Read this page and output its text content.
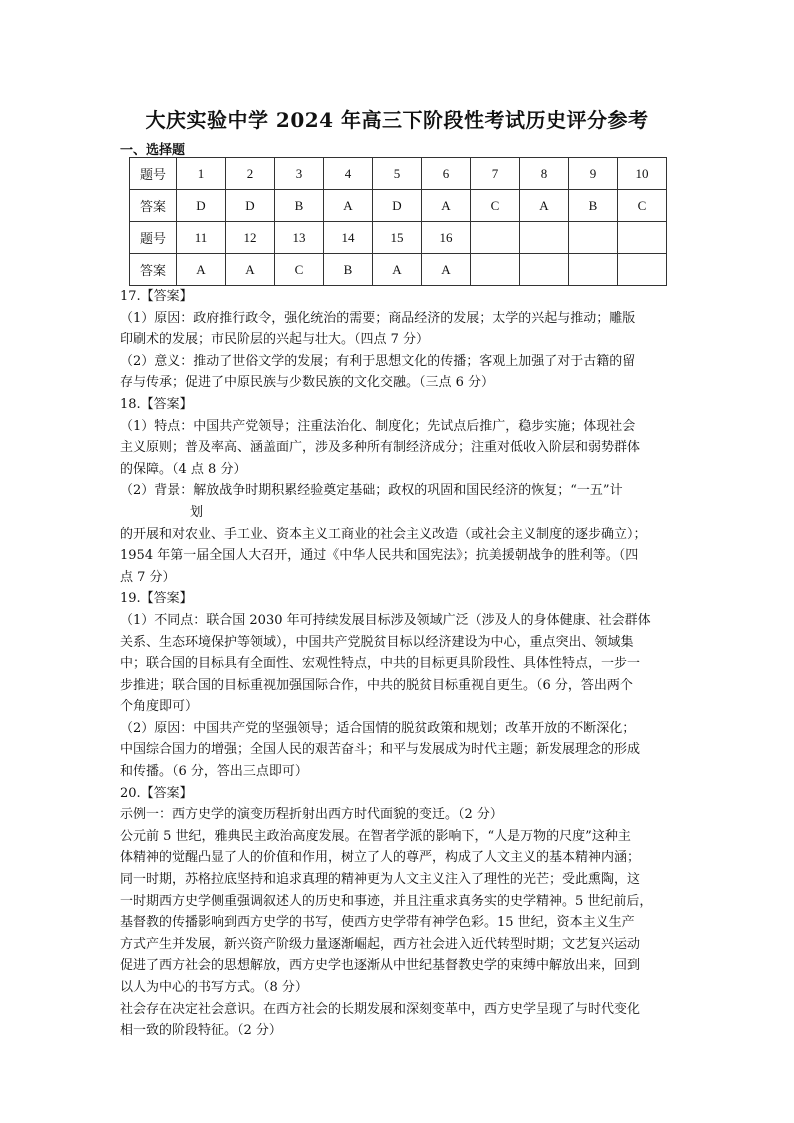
大庆实验中学 2024 年高三下阶段性考试历史评分参考
一、选择题
题号	1	2	3	4	5	6	7	8	9	10
答案	D	D	B	A	D	A	C	A	B	C
题号	11	12	13	14	15	16				
答案	A	A	C	B	A	A				

17.【答案】

（1）原因：政府推行政令，强化统治的需要；商品经济的发展；太学的兴起与推动；雕版

印刷术的发展；市民阶层的兴起与壮大。（四点 7 分）

（2）意义：推动了世俗文学的发展；有利于思想文化的传播；客观上加强了对于古籍的留

存与传承；促进了中原民族与少数民族的文化交融。（三点 6 分）

18.【答案】

（1）特点：中国共产党领导；注重法治化、制度化；先试点后推广，稳步实施；体现社会

主义原则；普及率高、涵盖面广，涉及多种所有制经济成分；注重对低收入阶层和弱势群体

的保障。（4 点 8 分）

（2）背景：解放战争时期积累经验奠定基础；政权的巩固和国民经济的恢复；“一五”计

划

的开展和对农业、手工业、资本主义工商业的社会主义改造（或社会主义制度的逐步确立）；

1954 年第一届全国人大召开，通过《中华人民共和国宪法》；抗美援朝战争的胜利等。（四

点 7 分）

19.【答案】

（1）不同点：联合国 2030 年可持续发展目标涉及领域广泛（涉及人的身体健康、社会群体

关系、生态环境保护等领域），中国共产党脱贫目标以经济建设为中心，重点突出、领域集

中；联合国的目标具有全面性、宏观性特点，中共的目标更具阶段性、具体性特点，一步一

步推进；联合国的目标重视加强国际合作，中共的脱贫目标重视自更生。（6 分，答出两个

个角度即可）

（2）原因：中国共产党的坚强领导；适合国情的脱贫政策和规划；改革开放的不断深化；

中国综合国力的增强；全国人民的艰苦奋斗；和平与发展成为时代主题；新发展理念的形成

和传播。（6 分，答出三点即可）

20.【答案】

示例一：西方史学的演变历程折射出西方时代面貌的变迁。（2 分）

公元前 5 世纪，雅典民主政治高度发展。在智者学派的影响下，“人是万物的尺度”这种主

体精神的觉醒凸显了人的价值和作用，树立了人的尊严，构成了人文主义的基本精神内涵；

同一时期，苏格拉底坚持和追求真理的精神更为人文主义注入了理性的光芒；受此熏陶，这

一时期西方史学侧重强调叙述人的历史和事迹，并且注重求真务实的史学精神。5 世纪前后，

基督教的传播影响到西方史学的书写，使西方史学带有神学色彩。15 世纪，资本主义生产

方式产生并发展，新兴资产阶级力量逐渐崛起，西方社会进入近代转型时期；文艺复兴运动

促进了西方社会的思想解放，西方史学也逐渐从中世纪基督教史学的束缚中解放出来，回到

以人为中心的书写方式。（8 分）

社会存在决定社会意识。在西方社会的长期发展和深刻变革中，西方史学呈现了与时代变化

相一致的阶段特征。（2 分）
